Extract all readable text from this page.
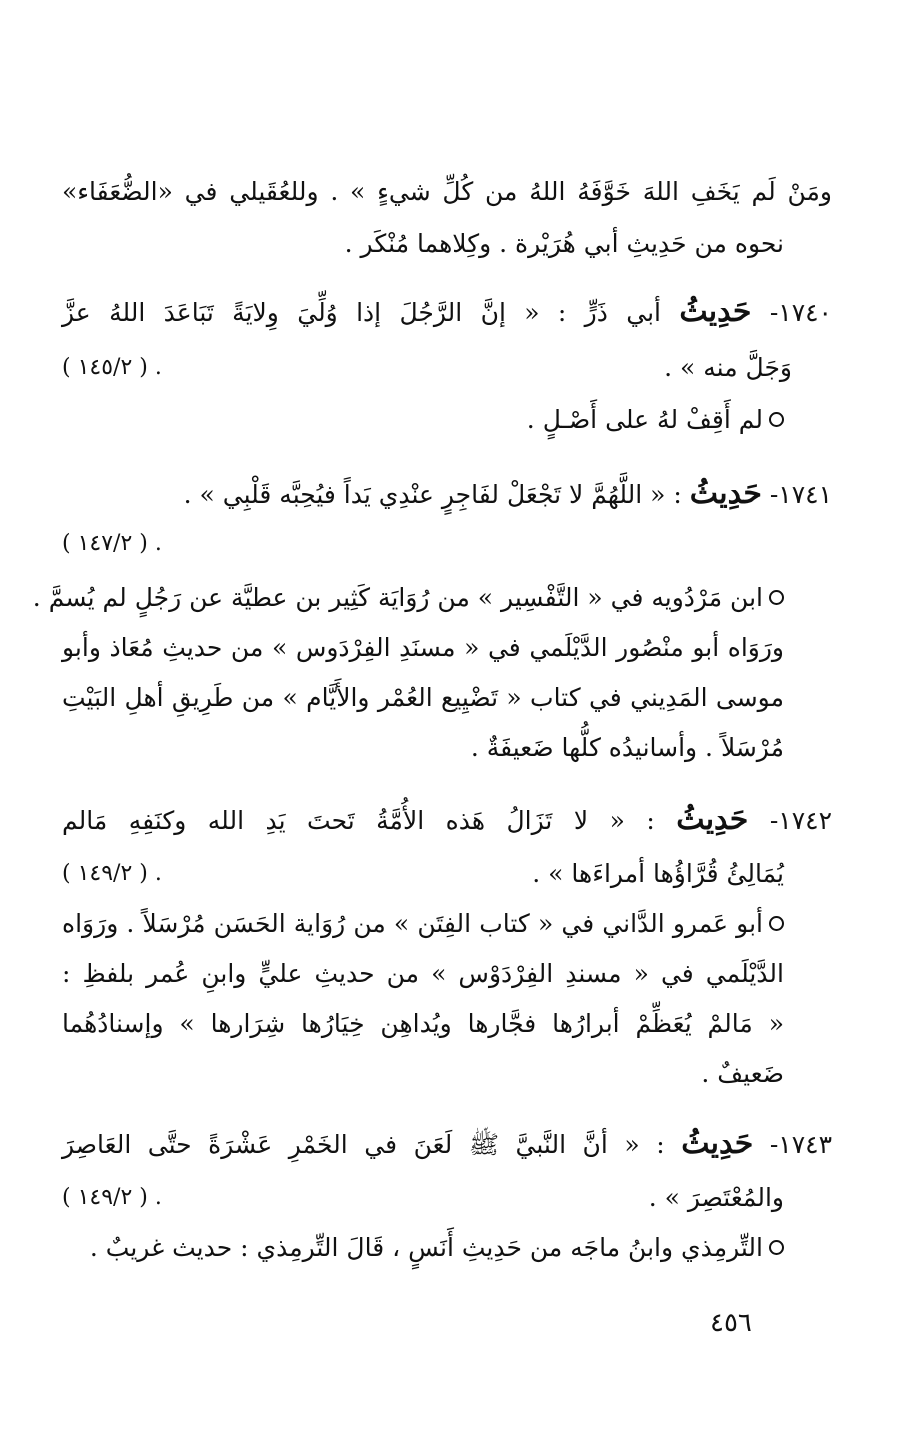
ومَنْ لَم يَخَفِ اللهَ خَوَّفَهُ اللهُ من كُلِّ شيءٍ » . وللعُقَيلي في «الضُّعَفَاء»
نحوه من حَدِيثِ أبي هُرَيْرة . وكِلاهما مُنْكَر .
١٧٤٠- حَدِيثُ أبي ذَرٍّ : « إنَّ الرَّجُلَ إذا وُلِّيَ وِلايَةً تَبَاعَدَ اللهُ عزَّ
وَجَلَّ منه » .
. ( ١٤٥/٢ )
لم أَقِفْ لهُ على أَصْـلٍ .
١٧٤١- حَدِيثُ : « اللَّهُمَّ لا تَجْعَلْ لفَاجِرٍ عنْدِي يَداً فيُحِبَّه قَلْبِي » .
. ( ١٤٧/٢ )
ابن مَرْدُويه في « التَّفْسِير » من رُوَايَة كَثِير بن عطيَّة عن رَجُلٍ لم يُسمَّ .
ورَوَاه أبو منْصُور الدَّيْلَمي في « مسنَدِ الفِرْدَوس » من حديثِ مُعَاذ وأبو
موسى المَدِيني في كتاب « تَضْيِيع العُمْر والأَيَّام » من طَرِيقِ أهلِ البَيْتِ
مُرْسَلاً . وأسانيدُه كلُّها ضَعيفَةٌ .
١٧٤٢- حَدِيثُ : « لا تَزَالُ هَذه الأُمَّةُ تَحتَ يَدِ الله وكنَفِهِ مَالم
يُمَالِئُ قُرَّاؤُها أمراءَها » .
. ( ١٤٩/٢ )
أبو عَمرو الدَّاني في « كتاب الفِتَن » من رُوَاية الحَسَن مُرْسَلاً . ورَوَاه
الدَّيْلَمي في « مسندِ الفِرْدَوْس » من حديثِ عليٍّ وابنِ عُمر بلفظِ :
« مَالمْ يُعَظِّمْ أبرارُها فجَّارها ويُداهِن خِيَارُها شِرَارها » وإسنادُهُما
ضَعيفٌ .
١٧٤٣- حَدِيثُ : « أنَّ النَّبيَّ ﷺ لَعَنَ في الخَمْرِ عَشْرَةً حتَّى العَاصِرَ
والمُعْتَصِرَ » .
. ( ١٤٩/٢ )
التِّرمِذي وابنُ ماجَه من حَدِيثِ أَنَسٍ ، قَالَ التِّرمِذي : حديث غريبٌ .
٤٥٦
